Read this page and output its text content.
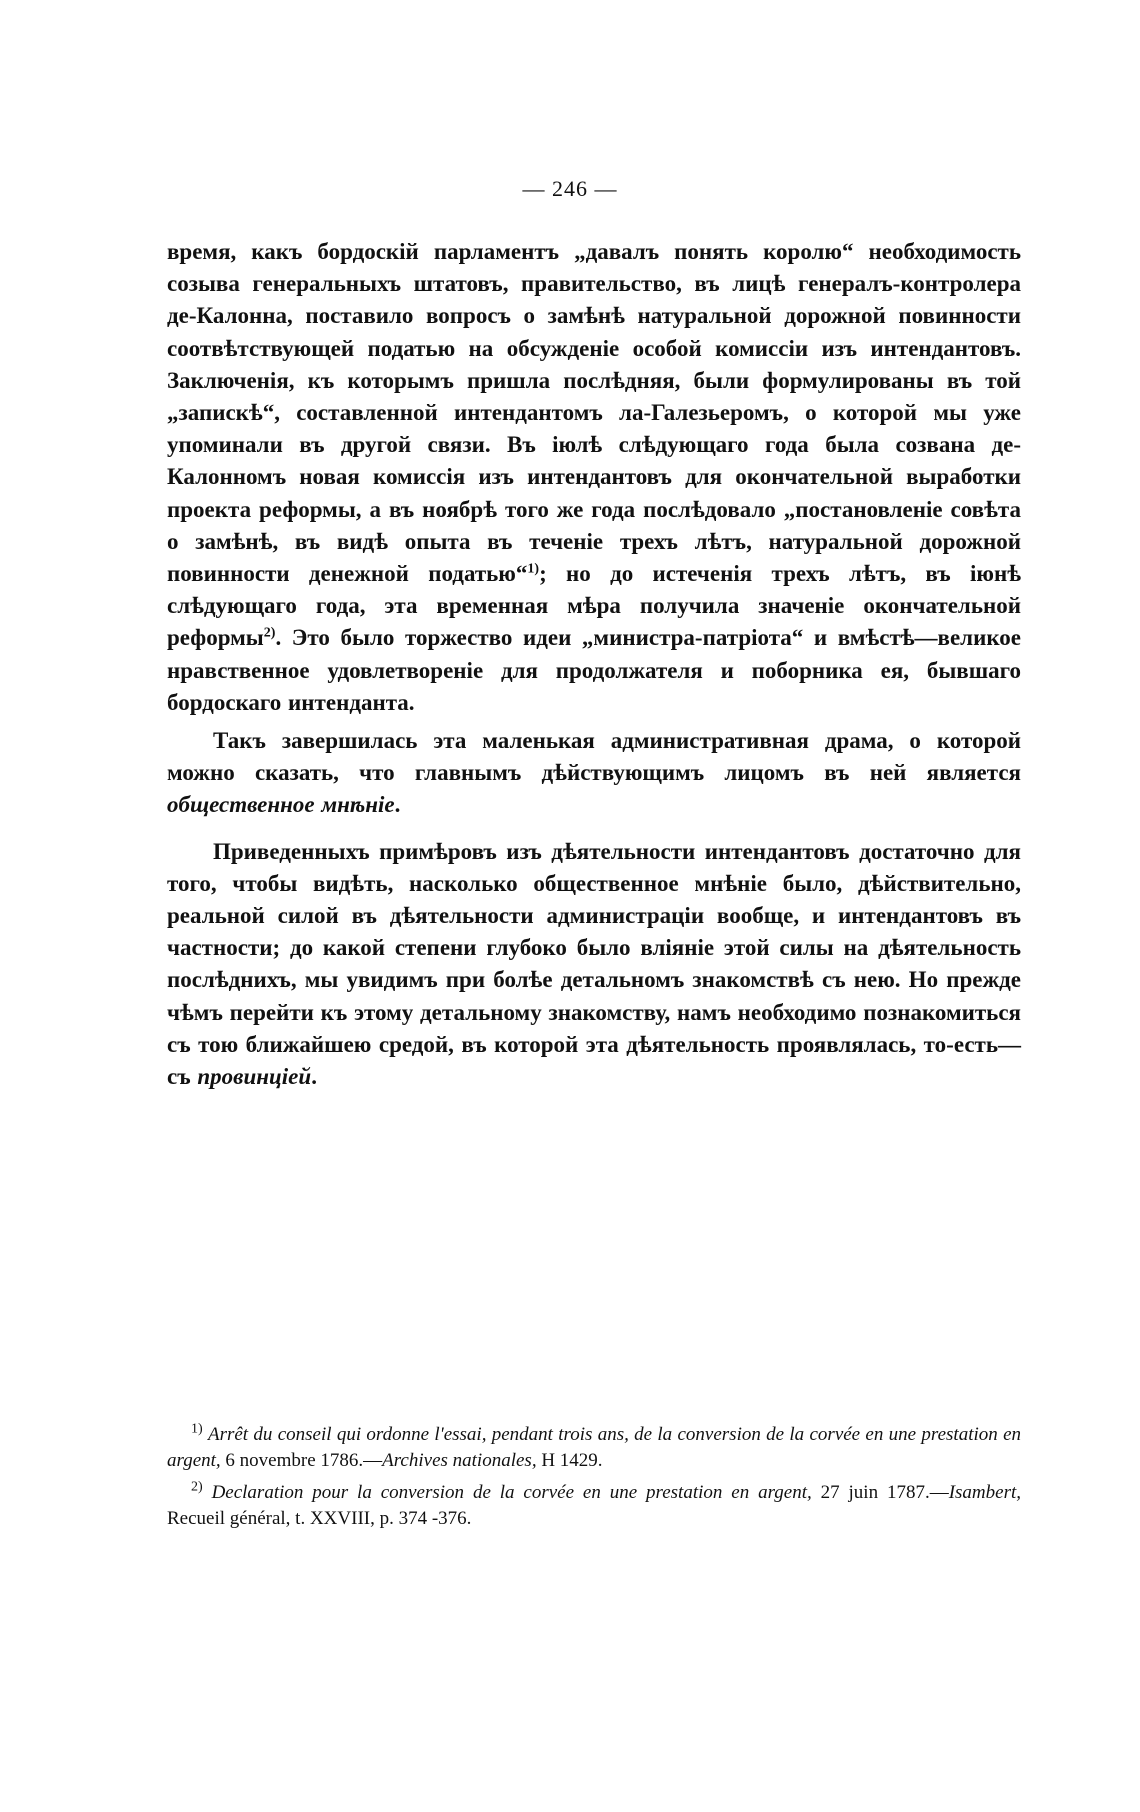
— 246 —

время, какъ бордоскій парламентъ „давалъ понять королю“ необходимость созыва генеральныхъ штатовъ, правительство, въ лицѣ генералъ-контролера де-Калонна, поставило вопросъ о замѣнѣ натуральной дорожной повинности соотвѣтствующей податью на обсужденіе особой комиссіи изъ интендантовъ. Заключенія, къ которымъ пришла послѣдняя, были формулированы въ той „запискѣ“, составленной интендантомъ ла-Галезьеромъ, о которой мы уже упоминали въ другой связи. Въ іюлѣ слѣдующаго года была созвана де-Калонномъ новая комиссія изъ интендантовъ для окончательной выработки проекта реформы, а въ ноябрѣ того же года послѣдовало „постановленіе совѣта о замѣнѣ, въ видѣ опыта въ теченіе трехъ лѣтъ, натуральной дорожной повинности денежной податью“$^{1)}$; но до истеченія трехъ лѣтъ, въ іюнѣ слѣдующаго года, эта временная мѣра получила значеніе окончательной реформы$^{2)}$. Это было торжество идеи „министра-патріота“ и вмѣстѣ—великое нравственное удовлетвореніе для продолжателя и поборника ея, бывшаго бордоскаго интенданта.

Такъ завершилась эта маленькая административная драма, о которой можно сказать, что главнымъ дѣйствующимъ лицомъ въ ней является общественное мнѣніе.

Приведенныхъ примѣровъ изъ дѣятельности интендантовъ достаточно для того, чтобы видѣть, насколько общественное мнѣніе было, дѣйствительно, реальной силой въ дѣятельности администраціи вообще, и интендантовъ въ частности; до какой степени глубоко было вліяніе этой силы на дѣятельность послѣднихъ, мы увидимъ при болѣе детальномъ знакомствѣ съ нею. Но прежде чѣмъ перейти къ этому детальному знакомству, намъ необходимо познакомиться съ тою ближайшею средой, въ которой эта дѣятельность проявлялась, то-есть—съ провинціей.

$^{1)}$ Arrêt du conseil qui ordonne l'essai, pendant trois ans, de la conversion de la corvée en une prestation en argent, 6 novembre 1786.—Archives nationales, H 1429.

$^{2)}$ Declaration pour la conversion de la corvée en une prestation en argent, 27 juin 1787.—Isambert, Recueil général, t. XXVIII, p. 374 -376.
